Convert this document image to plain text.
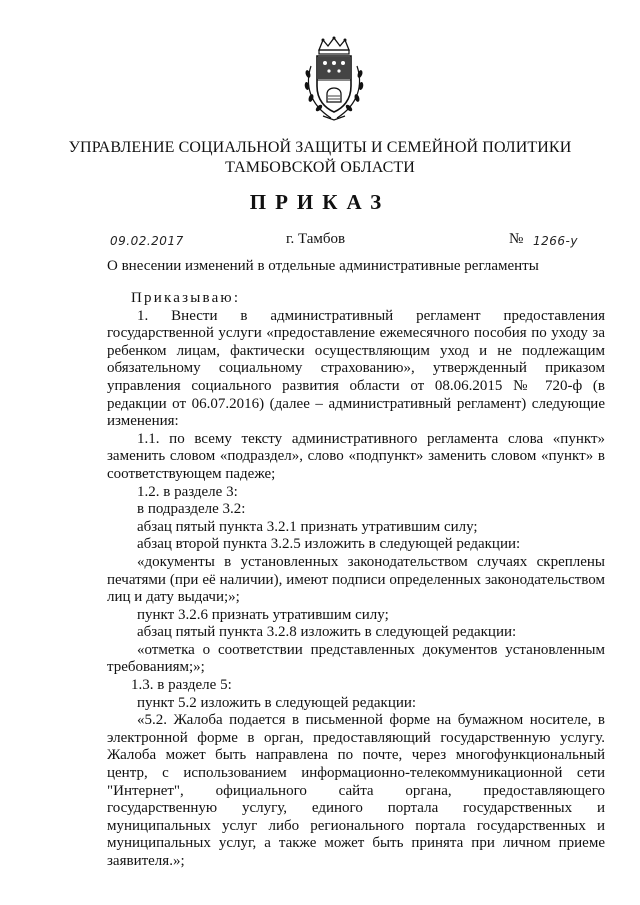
УПРАВЛЕНИЕ СОЦИАЛЬНОЙ ЗАЩИТЫ И СЕМЕЙНОЙ ПОЛИТИКИ
ТАМБОВСКОЙ ОБЛАСТИ
ПРИКАЗ
09.02.2017	г. Тамбов	№ 1266-у
О внесении изменений в отдельные административные регламенты

Приказываю:

1. Внести в административный регламент предоставления государственной услуги «предоставление ежемесячного пособия по уходу за ребенком лицам, фактически осуществляющим уход и не подлежащим обязательному социальному страхованию», утвержденный приказом управления социального развития области от 08.06.2015 № 720-ф (в редакции от 06.07.2016) (далее – административный регламент) следующие изменения:

1.1. по всему тексту административного регламента слова «пункт» заменить словом «подраздел», слово «подпункт» заменить словом «пункт» в соответствующем падеже;

1.2. в разделе 3:

в подразделе 3.2:

абзац пятый пункта 3.2.1 признать утратившим силу;

абзац второй пункта 3.2.5 изложить в следующей редакции:

«документы в установленных законодательством случаях скреплены печатями (при её наличии), имеют подписи определенных законодательством лиц и дату выдачи;»;

пункт 3.2.6 признать утратившим силу;

абзац пятый пункта 3.2.8 изложить в следующей редакции:

«отметка о соответствии представленных документов установленным требованиям;»;

1.3. в разделе 5:

пункт 5.2 изложить в следующей редакции:

«5.2. Жалоба подается в письменной форме на бумажном носителе, в электронной форме в орган, предоставляющий государственную услугу. Жалоба может быть направлена по почте, через многофункциональный центр, с использованием информационно-телекоммуникационной сети "Интернет", официального сайта органа, предоставляющего государственную услугу, единого портала государственных и муниципальных услуг либо регионального портала государственных и муниципальных услуг, а также может быть принята при личном приеме заявителя.»;
